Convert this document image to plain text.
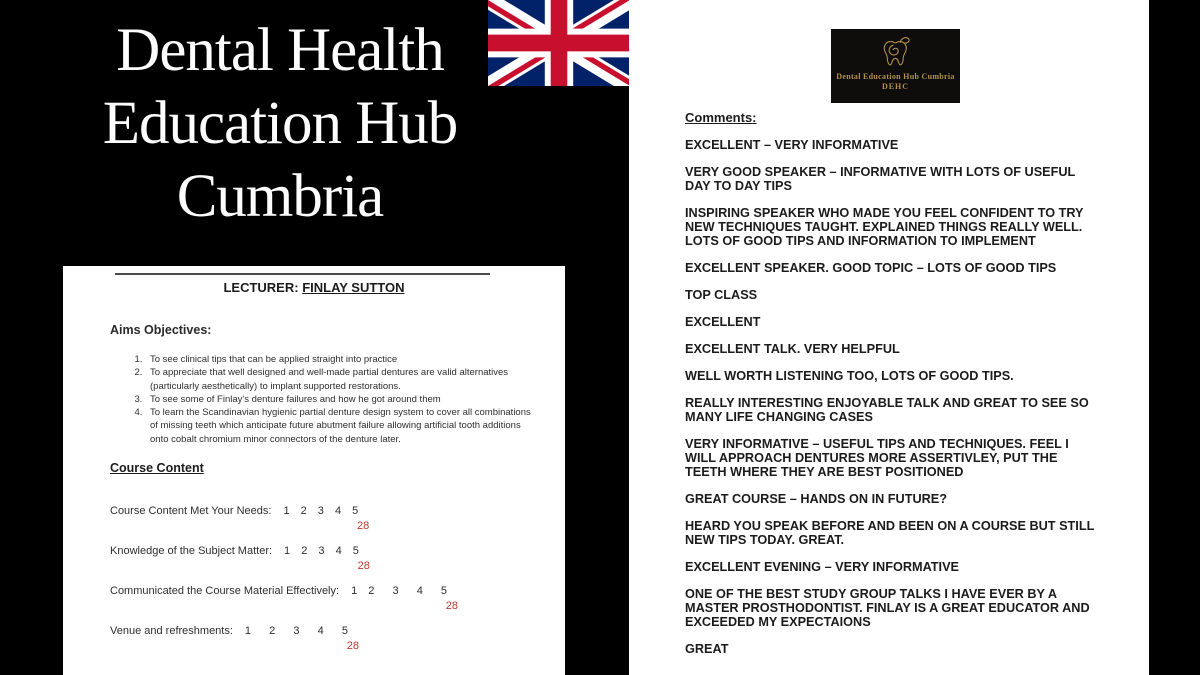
Dental Health
Education Hub
Cumbria
LECTURER: FINLAY SUTTON
Aims Objectives:
1. To see clinical tips that can be applied straight into practice
2. To appreciate that well designed and well-made partial dentures are valid alternatives (particularly aesthetically) to implant supported restorations.
3. To see some of Finlay's denture failures and how he got around them
4. To learn the Scandinavian hygienic partial denture design system to cover all combinations of missing teeth which anticipate future abutment failure allowing artificial tooth additions onto cobalt chromium minor connectors of the denture later.
Course Content
Course Content Met Your Needs: 1 2 3 4 5
28
Knowledge of the Subject Matter: 1 2 3 4 5
28
Communicated the Course Material Effectively: 1 2  3  4  5
28
Venue and refreshments: 1  2  3  4  5
28
Dental Education Hub Cumbria
DEHC
Comments:

EXCELLENT – VERY INFORMATIVE

VERY GOOD SPEAKER – INFORMATIVE WITH LOTS OF USEFUL DAY TO DAY TIPS

INSPIRING SPEAKER WHO MADE YOU FEEL CONFIDENT TO TRY NEW TECHNIQUES TAUGHT. EXPLAINED THINGS REALLY WELL. LOTS OF GOOD TIPS AND INFORMATION TO IMPLEMENT

EXCELLENT SPEAKER. GOOD TOPIC – LOTS OF GOOD TIPS

TOP CLASS

EXCELLENT

EXCELLENT TALK. VERY HELPFUL

WELL WORTH LISTENING TOO, LOTS OF GOOD TIPS.

REALLY INTERESTING ENJOYABLE TALK AND GREAT TO SEE SO MANY LIFE CHANGING CASES

VERY INFORMATIVE – USEFUL TIPS AND TECHNIQUES. FEEL I WILL APPROACH DENTURES MORE ASSERTIVLEY, PUT THE TEETH WHERE THEY ARE BEST POSITIONED

GREAT COURSE – HANDS ON IN FUTURE?

HEARD YOU SPEAK BEFORE AND BEEN ON A COURSE BUT STILL NEW TIPS TODAY. GREAT.

EXCELLENT EVENING – VERY INFORMATIVE

ONE OF THE BEST STUDY GROUP TALKS I HAVE EVER BY A MASTER PROSTHODONTIST. FINLAY IS A GREAT EDUCATOR AND EXCEEDED MY EXPECTAIONS

GREAT
